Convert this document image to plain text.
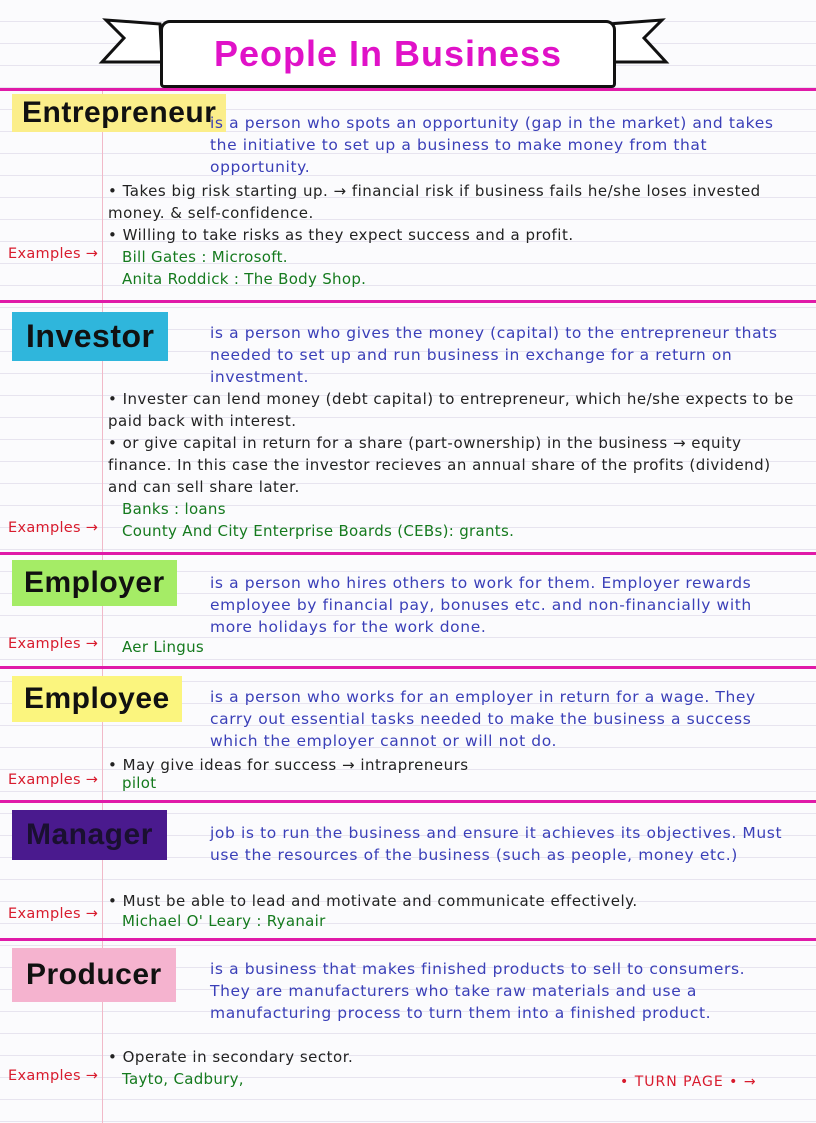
People In Business
Entrepreneur
is a person who spots an opportunity (gap in the market) and takes the initiative to set up a business to make money from that opportunity.
• Takes big risk starting up. → financial risk if business fails he/she loses invested money. & self-confidence.
• Willing to take risks as they expect success and a profit.
Examples → Bill Gates : Microsoft.
Anita Roddick : The Body Shop.
Investor	is a person who gives the money (capital) to the entrepreneur thats needed to set up and run business in exchange for a return on investment.
• Invester can lend money (debt capital) to entrepreneur, which he/she expects to be paid back with interest.
• or give capital in return for a share (part-ownership) in the business → equity finance. In this case the investor recieves an annual share of the profits (dividend) and can sell share later.
Examples →
Banks : loans
County And City Enterprise Boards (CEBs): grants.
Employer	is a person who hires others to work for them. Employer rewards employee by financial pay, bonuses etc. and non-financially with more holidays for the work done.
Examples → Aer Lingus
Employee	is a person who works for an employer in return for a wage. They carry out essential tasks needed to make the business a success which the employer cannot or will not do.
• May give ideas for success → intrapreneurs
Examples → pilot
Manager	job is to run the business and ensure it achieves its objectives. Must use the resources of the business (such as people, money etc.)
• Must be able to lead and motivate and communicate effectively.
Examples → Michael O' Leary : Ryanair
Producer	is a business that makes finished products to sell to consumers. They are manufacturers who take raw materials and use a manufacturing process to turn them into a finished product.
• Operate in secondary sector.
Examples → Tayto, Cadbury,	• TURN PAGE • →
